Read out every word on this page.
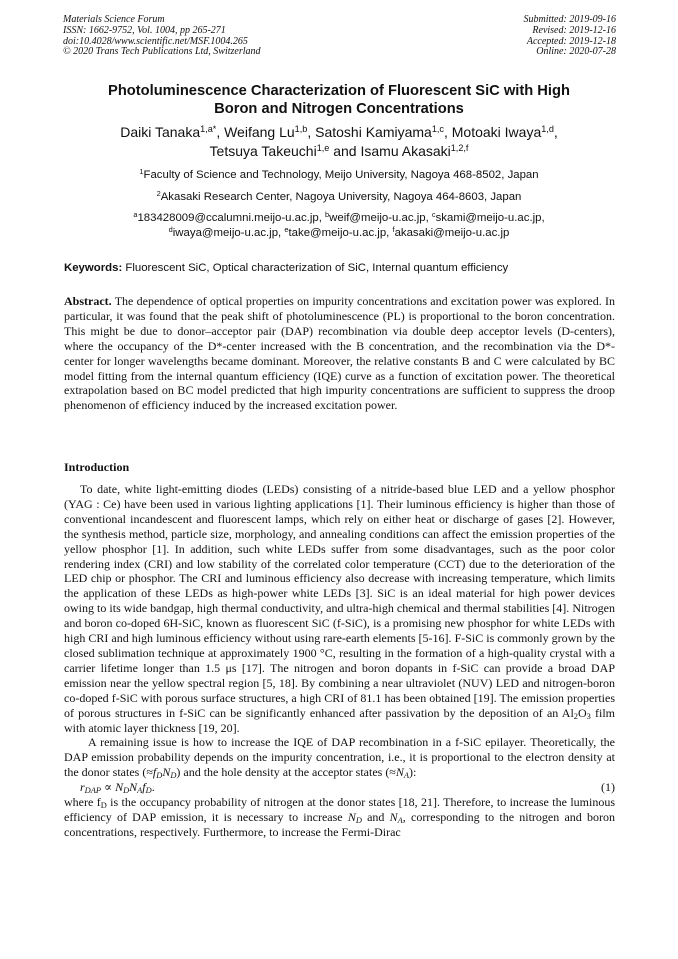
Materials Science Forum
ISSN: 1662-9752, Vol. 1004, pp 265-271
doi:10.4028/www.scientific.net/MSF.1004.265
© 2020 Trans Tech Publications Ltd, Switzerland
Submitted: 2019-09-16
Revised: 2019-12-16
Accepted: 2019-12-18
Online: 2020-07-28
Photoluminescence Characterization of Fluorescent SiC with High
Boron and Nitrogen Concentrations
Daiki Tanaka$^{1,a*}$, Weifang Lu$^{1,b}$, Satoshi Kamiyama$^{1,c}$, Motoaki Iwaya$^{1,d}$,
Tetsuya Takeuchi$^{1,e}$ and Isamu Akasaki$^{1,2,f}$
$^1$Faculty of Science and Technology, Meijo University, Nagoya 468-8502, Japan
$^2$Akasaki Research Center, Nagoya University, Nagoya 464-8603, Japan
$^a$183428009@ccalumni.meijo-u.ac.jp, $^b$weif@meijo-u.ac.jp, $^c$skami@meijo-u.ac.jp,
$^d$iwaya@meijo-u.ac.jp, $^e$take@meijo-u.ac.jp, $^f$akasaki@meijo-u.ac.jp
Keywords: Fluorescent SiC, Optical characterization of SiC, Internal quantum efficiency
Abstract. The dependence of optical properties on impurity concentrations and excitation power was explored. In particular, it was found that the peak shift of photoluminescence (PL) is proportional to the boron concentration. This might be due to donor–acceptor pair (DAP) recombination via double deep acceptor levels (D-centers), where the occupancy of the D*-center increased with the B concentration, and the recombination via the D*-center for longer wavelengths became dominant. Moreover, the relative constants B and C were calculated by BC model fitting from the internal quantum efficiency (IQE) curve as a function of excitation power. The theoretical extrapolation based on BC model predicted that high impurity concentrations are sufficient to suppress the droop phenomenon of efficiency induced by the increased excitation power.
Introduction

To date, white light-emitting diodes (LEDs) consisting of a nitride-based blue LED and a yellow phosphor (YAG : Ce) have been used in various lighting applications [1]. Their luminous efficiency is higher than those of conventional incandescent and fluorescent lamps, which rely on either heat or discharge of gases [2]. However, the synthesis method, particle size, morphology, and annealing conditions can affect the emission properties of the yellow phosphor [1]. In addition, such white LEDs suffer from some disadvantages, such as the poor color rendering index (CRI) and low stability of the correlated color temperature (CCT) due to the deterioration of the LED chip or phosphor. The CRI and luminous efficiency also decrease with increasing temperature, which limits the application of these LEDs as high-power white LEDs [3]. SiC is an ideal material for high power devices owing to its wide bandgap, high thermal conductivity, and ultra-high chemical and thermal stabilities [4]. Nitrogen and boron co-doped 6H-SiC, known as fluorescent SiC (f-SiC), is a promising new phosphor for white LEDs with high CRI and high luminous efficiency without using rare-earth elements [5-16]. F-SiC is commonly grown by the closed sublimation technique at approximately 1900 °C, resulting in the formation of a high-quality crystal with a carrier lifetime longer than 1.5 μs [17]. The nitrogen and boron dopants in f-SiC can provide a broad DAP emission near the yellow spectral region [5, 18]. By combining a near ultraviolet (NUV) LED and nitrogen-boron co-doped f-SiC with porous surface structures, a high CRI of 81.1 has been obtained [19]. The emission properties of porous structures in f-SiC can be significantly enhanced after passivation by the deposition of an $Al_2O_3$ film with atomic layer thickness [19, 20].

A remaining issue is how to increase the IQE of DAP recombination in a f-SiC epilayer. Theoretically, the DAP emission probability depends on the impurity concentration, i.e., it is proportional to the electron density at the donor states $(\approx f_DN_D)$ and the hole density at the acceptor states $(\approx N_A)$:

$r_{DAP} \propto N_DN_Af_D$.	(1)

where $f_D$ is the occupancy probability of nitrogen at the donor states [18, 21]. Therefore, to increase the luminous efficiency of DAP emission, it is necessary to increase $N_D$ and $N_A$, corresponding to the nitrogen and boron concentrations, respectively. Furthermore, to increase the Fermi-Dirac
